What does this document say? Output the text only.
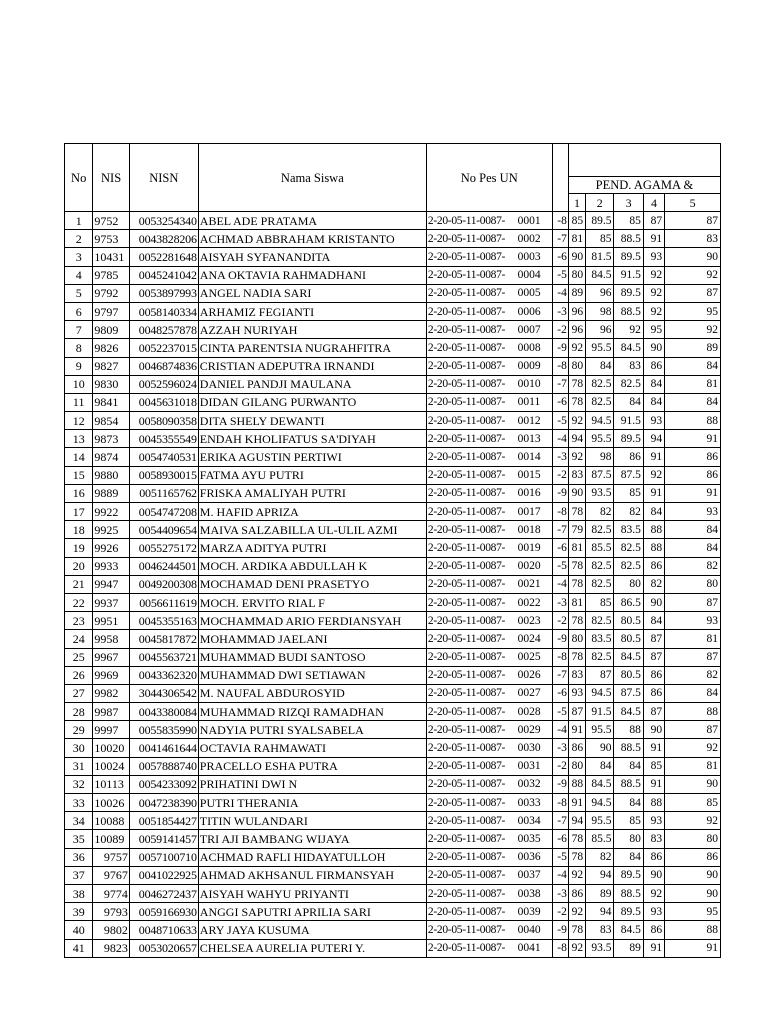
No	NIS	NISN	Nama Siswa	No Pes UN							
							PEND. AGAMA &				
							1	2	3	4	5
1	9752	0053254340	ABEL ADE PRATAMA	2-20-05-11-0087-	0001	-8	85	89.5	85	87	87
2	9753	0043828206	ACHMAD ABBRAHAM KRISTANTO	2-20-05-11-0087-	0002	-7	81	85	88.5	91	83
3	10431	0052281648	AISYAH SYFANANDITA	2-20-05-11-0087-	0003	-6	90	81.5	89.5	93	90
4	9785	0045241042	ANA OKTAVIA RAHMADHANI	2-20-05-11-0087-	0004	-5	80	84.5	91.5	92	92
5	9792	0053897993	ANGEL NADIA SARI	2-20-05-11-0087-	0005	-4	89	96	89.5	92	87
6	9797	0058140334	ARHAMIZ FEGIANTI	2-20-05-11-0087-	0006	-3	96	98	88.5	92	95
7	9809	0048257878	AZZAH NURIYAH	2-20-05-11-0087-	0007	-2	96	96	92	95	92
8	9826	0052237015	CINTA PARENTSIA NUGRAHFITRA	2-20-05-11-0087-	0008	-9	92	95.5	84.5	90	89
9	9827	0046874836	CRISTIAN ADEPUTRA IRNANDI	2-20-05-11-0087-	0009	-8	80	84	83	86	84
10	9830	0052596024	DANIEL PANDJI MAULANA	2-20-05-11-0087-	0010	-7	78	82.5	82.5	84	81
11	9841	0045631018	DIDAN GILANG PURWANTO	2-20-05-11-0087-	0011	-6	78	82.5	84	84	84
12	9854	0058090358	DITA SHELY DEWANTI	2-20-05-11-0087-	0012	-5	92	94.5	91.5	93	88
13	9873	0045355549	ENDAH KHOLIFATUS SA'DIYAH	2-20-05-11-0087-	0013	-4	94	95.5	89.5	94	91
14	9874	0054740531	ERIKA AGUSTIN PERTIWI	2-20-05-11-0087-	0014	-3	92	98	86	91	86
15	9880	0058930015	FATMA AYU PUTRI	2-20-05-11-0087-	0015	-2	83	87.5	87.5	92	86
16	9889	0051165762	FRISKA AMALIYAH PUTRI	2-20-05-11-0087-	0016	-9	90	93.5	85	91	91
17	9922	0054747208	M. HAFID APRIZA	2-20-05-11-0087-	0017	-8	78	82	82	84	93
18	9925	0054409654	MAIVA SALZABILLA UL-ULIL AZMI	2-20-05-11-0087-	0018	-7	79	82.5	83.5	88	84
19	9926	0055275172	MARZA ADITYA PUTRI	2-20-05-11-0087-	0019	-6	81	85.5	82.5	88	84
20	9933	0046244501	MOCH. ARDIKA ABDULLAH K	2-20-05-11-0087-	0020	-5	78	82.5	82.5	86	82
21	9947	0049200308	MOCHAMAD DENI PRASETYO	2-20-05-11-0087-	0021	-4	78	82.5	80	82	80
22	9937	0056611619	MOCH. ERVITO RIAL F	2-20-05-11-0087-	0022	-3	81	85	86.5	90	87
23	9951	0045355163	MOCHAMMAD ARIO FERDIANSYAH	2-20-05-11-0087-	0023	-2	78	82.5	80.5	84	93
24	9958	0045817872	MOHAMMAD JAELANI	2-20-05-11-0087-	0024	-9	80	83.5	80.5	87	81
25	9967	0045563721	MUHAMMAD BUDI SANTOSO	2-20-05-11-0087-	0025	-8	78	82.5	84.5	87	87
26	9969	0043362320	MUHAMMAD DWI SETIAWAN	2-20-05-11-0087-	0026	-7	83	87	80.5	86	82
27	9982	3044306542	M. NAUFAL ABDUROSYID	2-20-05-11-0087-	0027	-6	93	94.5	87.5	86	84
28	9987	0043380084	MUHAMMAD RIZQI RAMADHAN	2-20-05-11-0087-	0028	-5	87	91.5	84.5	87	88
29	9997	0055835990	NADYIA PUTRI SYALSABELA	2-20-05-11-0087-	0029	-4	91	95.5	88	90	87
30	10020	0041461644	OCTAVIA RAHMAWATI	2-20-05-11-0087-	0030	-3	86	90	88.5	91	92
31	10024	0057888740	PRACELLO ESHA PUTRA	2-20-05-11-0087-	0031	-2	80	84	84	85	81
32	10113	0054233092	PRIHATINI DWI N	2-20-05-11-0087-	0032	-9	88	84.5	88.5	91	90
33	10026	0047238390	PUTRI THERANIA	2-20-05-11-0087-	0033	-8	91	94.5	84	88	85
34	10088	0051854427	TITIN WULANDARI	2-20-05-11-0087-	0034	-7	94	95.5	85	93	92
35	10089	0059141457	TRI AJI BAMBANG WIJAYA	2-20-05-11-0087-	0035	-6	78	85.5	80	83	80
36	9757	0057100710	ACHMAD RAFLI HIDAYATULLOH	2-20-05-11-0087-	0036	-5	78	82	84	86	86
37	9767	0041022925	AHMAD AKHSANUL FIRMANSYAH	2-20-05-11-0087-	0037	-4	92	94	89.5	90	90
38	9774	0046272437	AISYAH WAHYU PRIYANTI	2-20-05-11-0087-	0038	-3	86	89	88.5	92	90
39	9793	0059166930	ANGGI SAPUTRI APRILIA SARI	2-20-05-11-0087-	0039	-2	92	94	89.5	93	95
40	9802	0048710633	ARY JAYA KUSUMA	2-20-05-11-0087-	0040	-9	78	83	84.5	86	88
41	9823	0053020657	CHELSEA AURELIA PUTERI Y.	2-20-05-11-0087-	0041	-8	92	93.5	89	91	91
